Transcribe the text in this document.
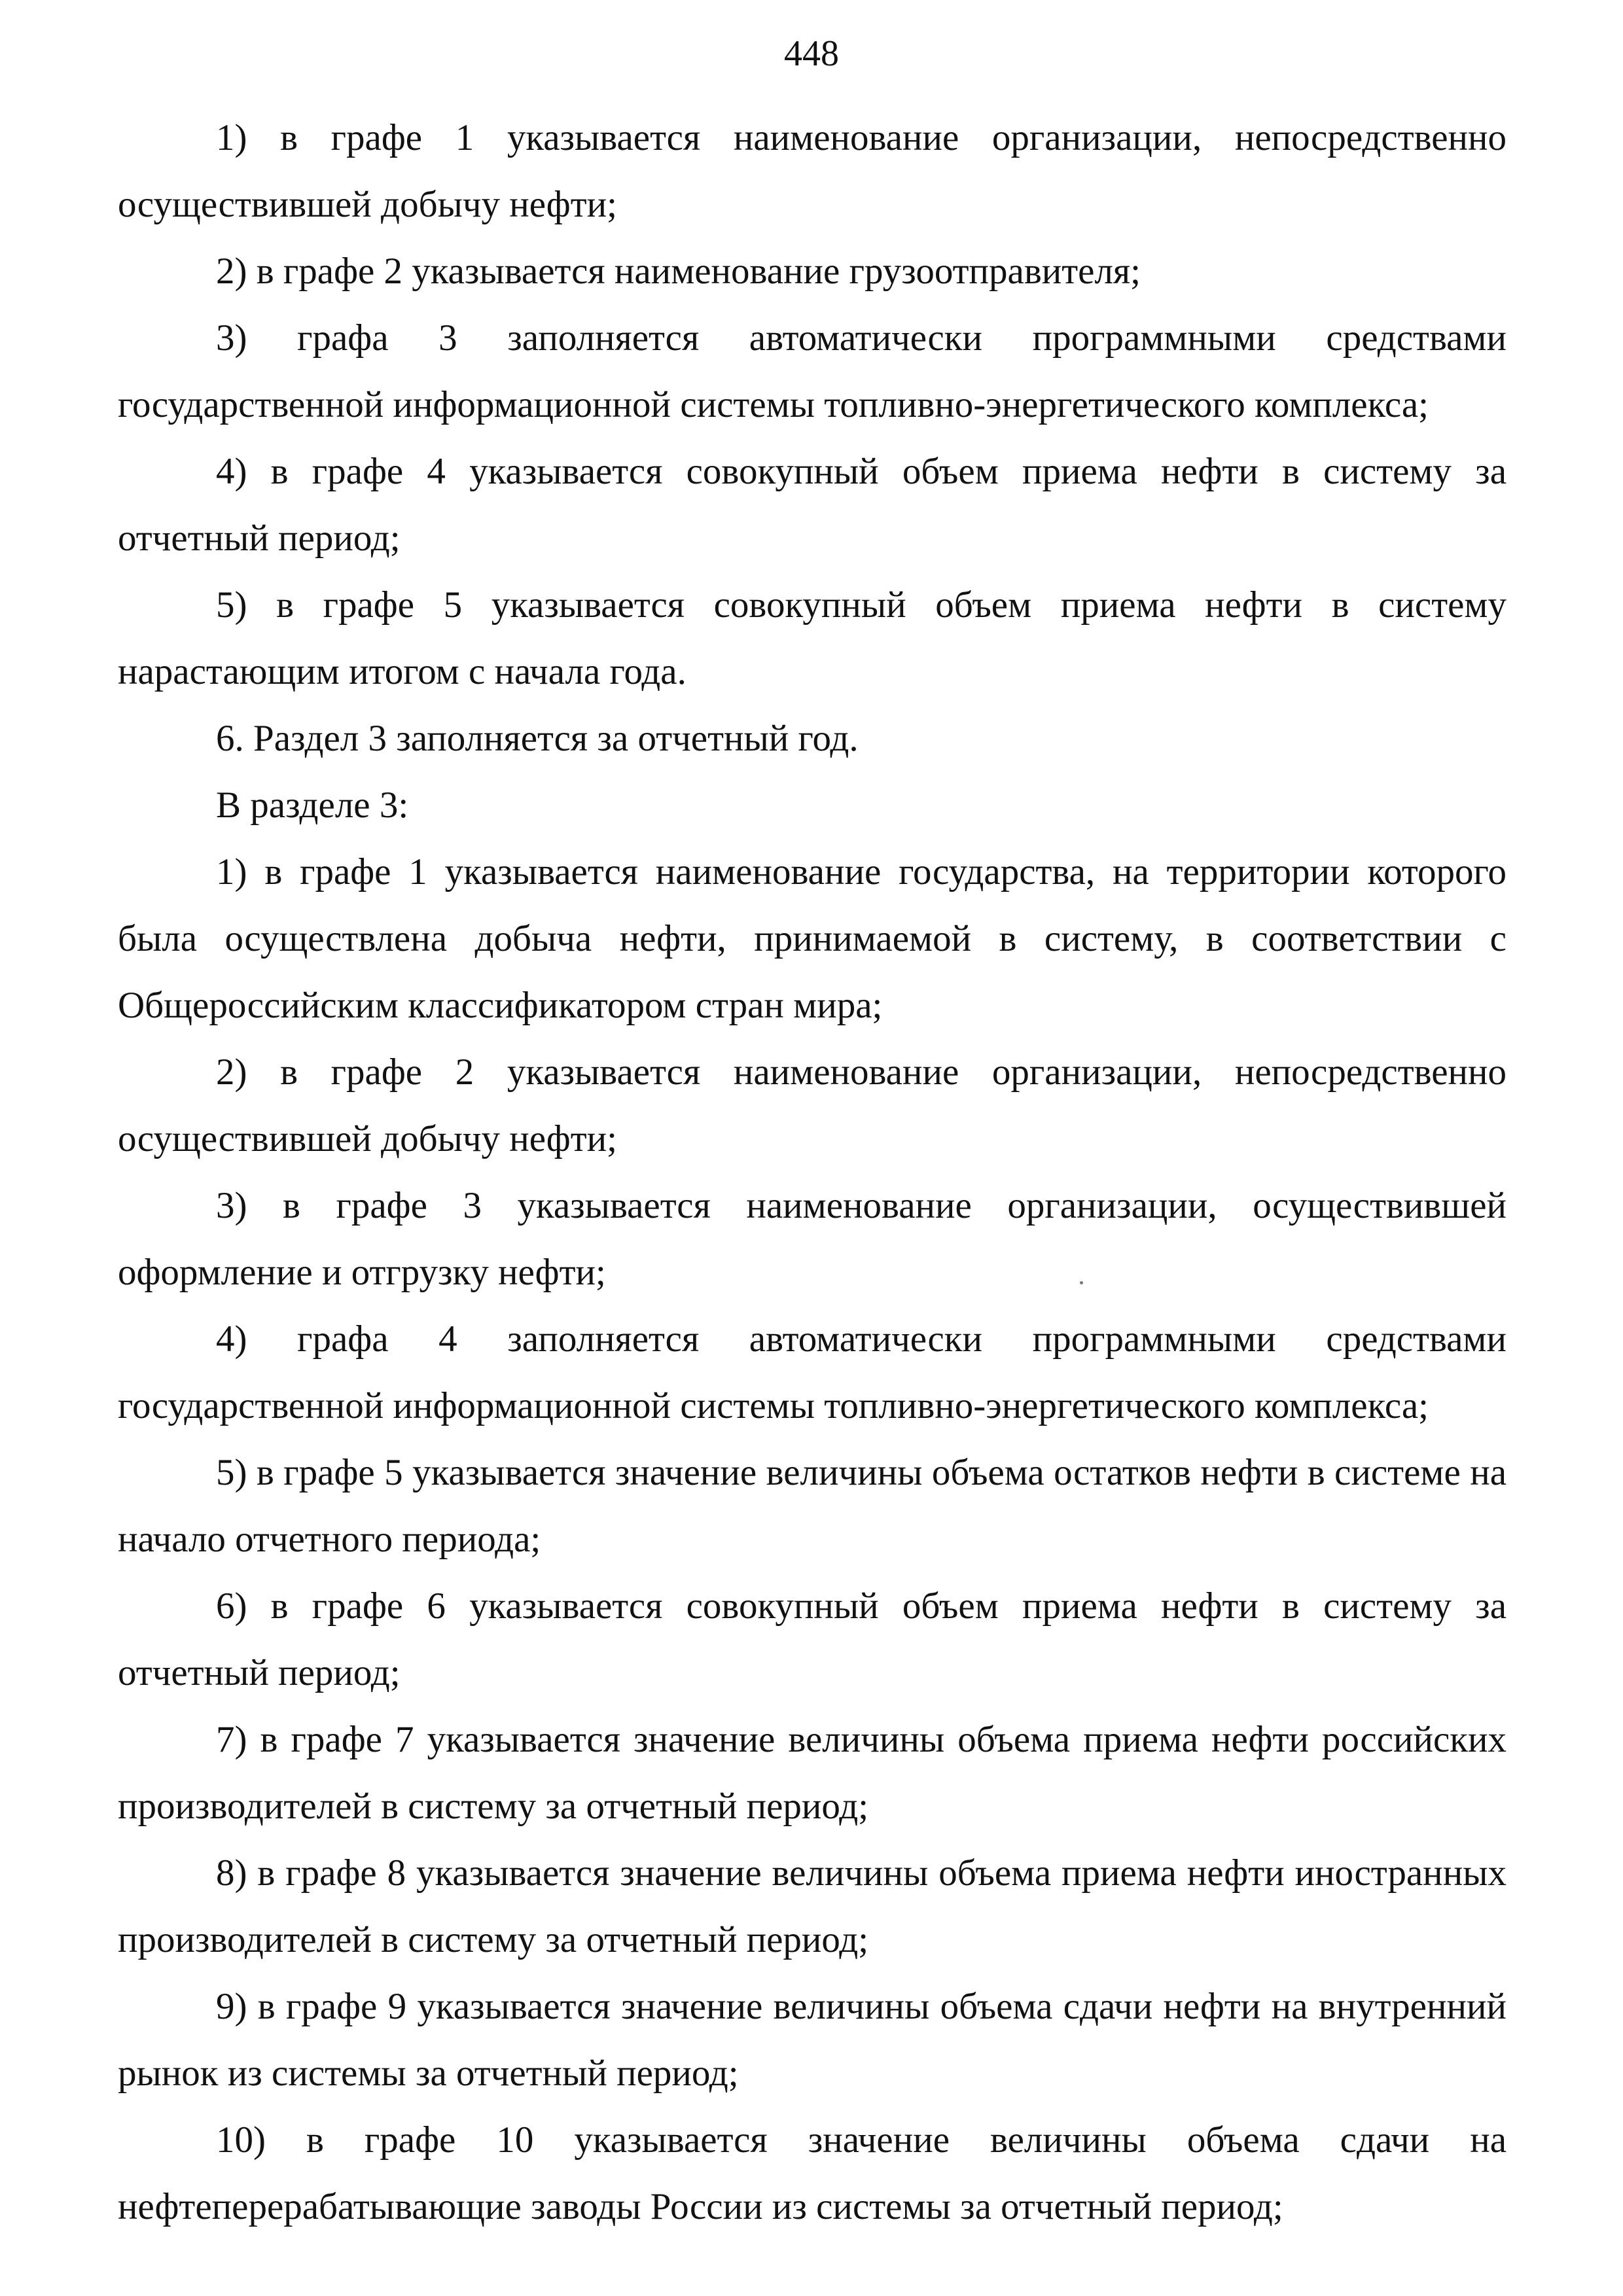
448

1) в графе 1 указывается наименование организации, непосредственно осуществившей добычу нефти;

2) в графе 2 указывается наименование грузоотправителя;

3) графа 3 заполняется автоматически программными средствами государственной информационной системы топливно-энергетического комплекса;

4) в графе 4 указывается совокупный объем приема нефти в систему за отчетный период;

5) в графе 5 указывается совокупный объем приема нефти в систему нарастающим итогом с начала года.

6. Раздел 3 заполняется за отчетный год.

В разделе 3:

1) в графе 1 указывается наименование государства, на территории которого была осуществлена добыча нефти, принимаемой в систему, в соответствии с Общероссийским классификатором стран мира;

2) в графе 2 указывается наименование организации, непосредственно осуществившей добычу нефти;

3) в графе 3 указывается наименование организации, осуществившей оформление и отгрузку нефти;

4) графа 4 заполняется автоматически программными средствами государственной информационной системы топливно-энергетического комплекса;

5) в графе 5 указывается значение величины объема остатков нефти в системе на начало отчетного периода;

6) в графе 6 указывается совокупный объем приема нефти в систему за отчетный период;

7) в графе 7 указывается значение величины объема приема нефти российских производителей в систему за отчетный период;

8) в графе 8 указывается значение величины объема приема нефти иностранных производителей в систему за отчетный период;

9) в графе 9 указывается значение величины объема сдачи нефти на внутренний рынок из системы за отчетный период;

10) в графе 10 указывается значение величины объема сдачи на нефтеперерабатывающие заводы России из системы за отчетный период;
